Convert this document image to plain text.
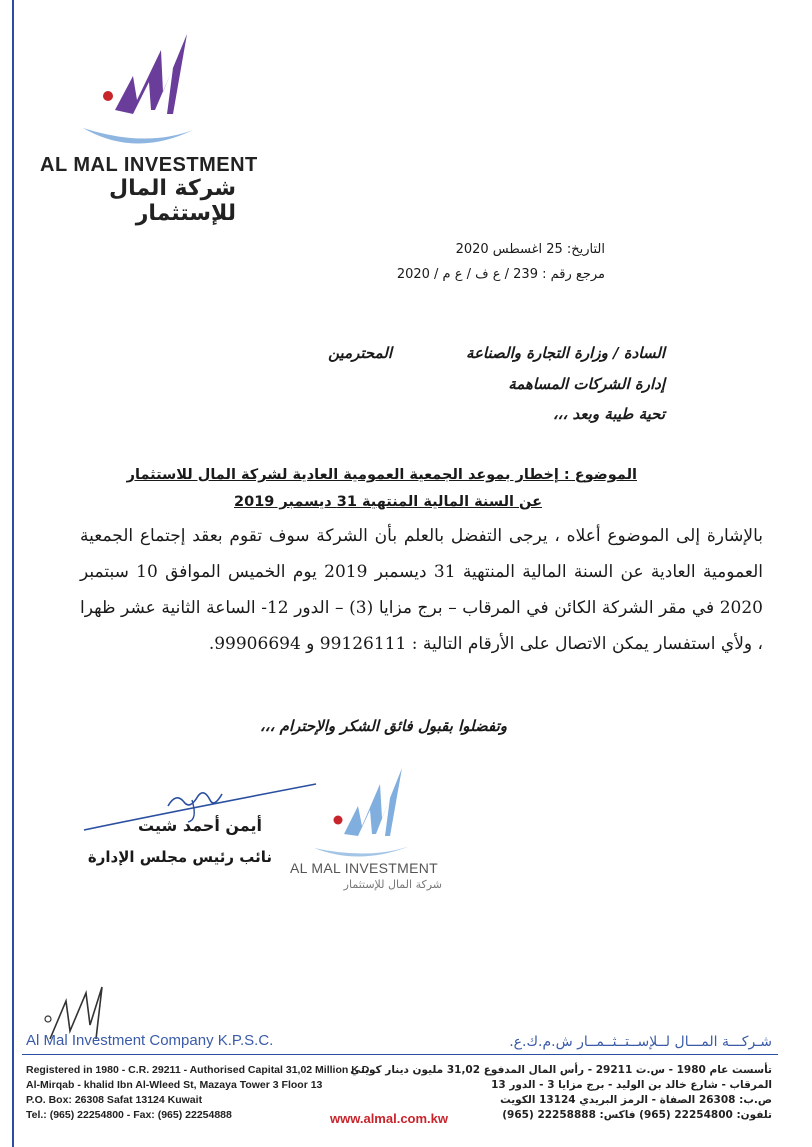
AL MAL INVESTMENT
شركة المال للإستثمار
التاريخ: 25 اغسطس 2020
مرجع رقم : 239 / ع ف / ع م / 2020
السادة / وزارة التجارة والصناعة
المحترمين
إدارة الشركات المساهمة
تحية طيبة وبعد ،،،
الموضوع : إخطار بموعد الجمعية العمومية العادية لشركة المال للاستثمار
عن السنة المالية المنتهية 31 ديسمبر 2019
بالإشارة إلى الموضوع أعلاه ، يرجى التفضل بالعلم بأن الشركة سوف تقوم بعقد إجتماع الجمعية العمومية العادية عن السنة المالية المنتهية 31 ديسمبر 2019 يوم الخميس الموافق 10 سبتمبر 2020 في مقر الشركة الكائن في المرقاب – برج مزايا (3) – الدور 12- الساعة الثانية عشر ظهرا ، ولأي استفسار يمكن الاتصال على الأرقام التالية : 99126111 و 99906694.
وتفضلوا بقبول فائق الشكر والإحترام ،،،
أيمن أحمد شيت
نائب رئيس مجلس الإدارة
AL MAL INVESTMENT
شركة المال للإستثمار
Al Mal Investment Company K.P.S.C.	شـركـــة المـــال لــلإســتــثــمــار ش.م.ك.ع.
Registered in 1980 - C.R. 29211 - Authorised Capital 31,02 Million K.D.
Al-Mirqab - khalid Ibn Al-Wleed St, Mazaya Tower 3 Floor 13
P.O. Box: 26308 Safat 13124 Kuwait
Tel.: (965) 22254800 - Fax: (965) 22254888
تأسست عام 1980 - س.ت 29211 - رأس المال المدفوع 31,02 مليون دينار كويتي
المرقاب - شارع خالد بن الوليد - برج مزايا 3 - الدور 13
ص.ب: 26308 الصفاة - الرمز البريدي 13124 الكويت
تلفون: 22254800 (965) فاكس: 22258888 (965)
www.almal.com.kw
